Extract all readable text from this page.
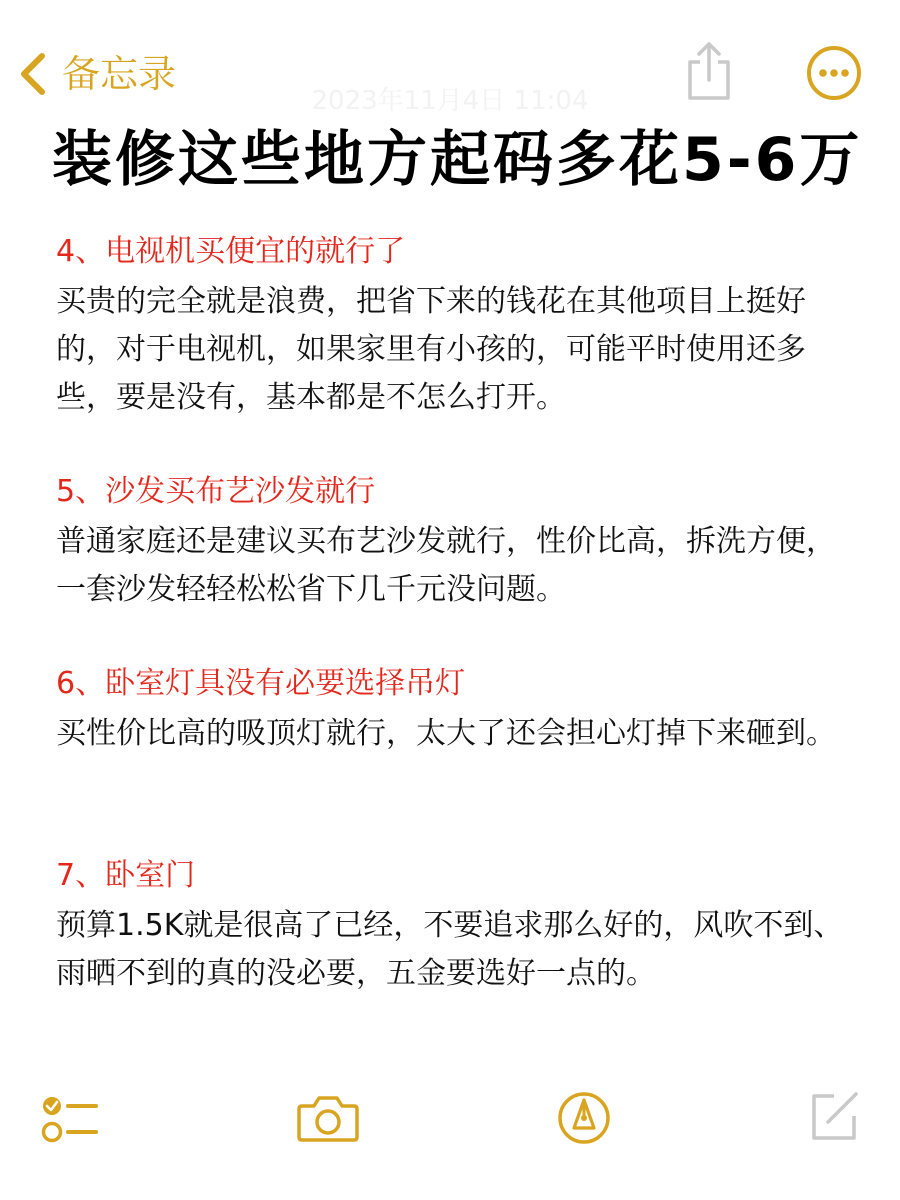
备忘录
2023年11月4日 11:04
装修这些地方起码多花5-6万
4、电视机买便宜的就行了
买贵的完全就是浪费，把省下来的钱花在其他项目上挺好的，对于电视机，如果家里有小孩的，可能平时使用还多些，要是没有，基本都是不怎么打开。
5、沙发买布艺沙发就行
普通家庭还是建议买布艺沙发就行，性价比高，拆洗方便，一套沙发轻轻松松省下几千元没问题。
6、卧室灯具没有必要选择吊灯
买性价比高的吸顶灯就行，太大了还会担心灯掉下来砸到。
7、卧室门
预算1.5K就是很高了已经，不要追求那么好的，风吹不到、雨晒不到的真的没必要，五金要选好一点的。
